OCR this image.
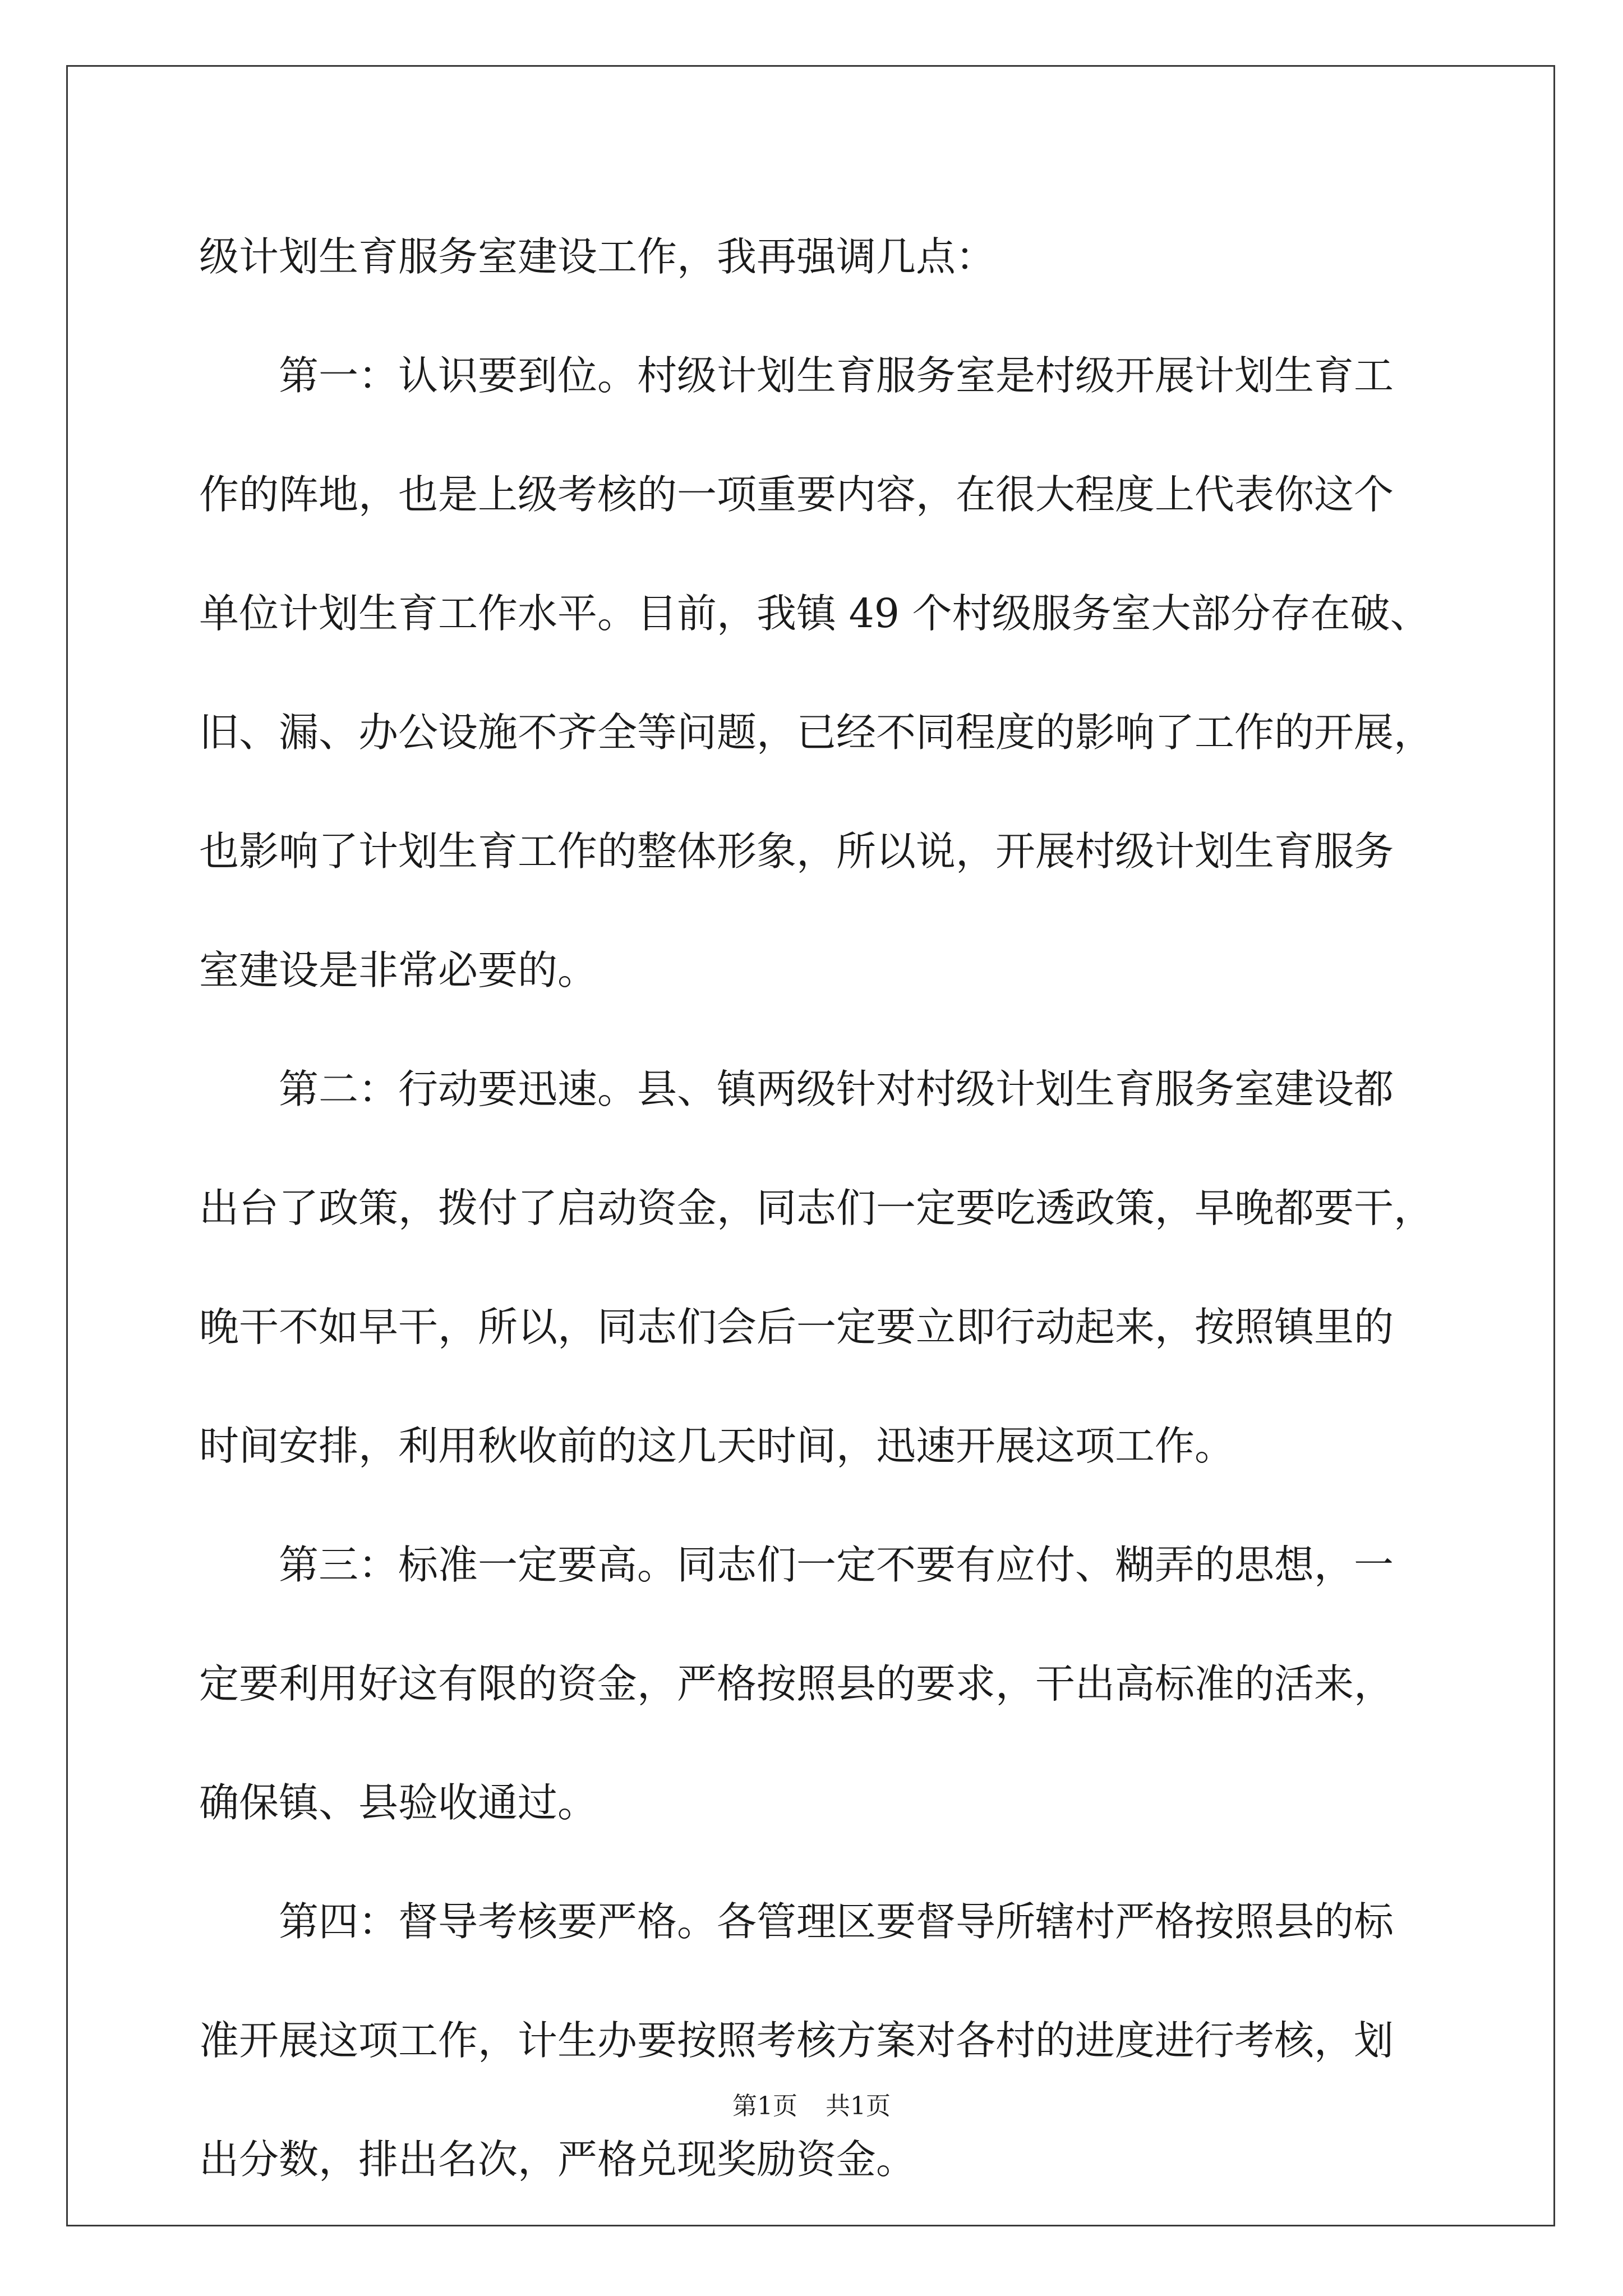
级计划生育服务室建设工作，我再强调几点：
第一：认识要到位。村级计划生育服务室是村级开展计划生育工
作的阵地，也是上级考核的一项重要内容，在很大程度上代表你这个
单位计划生育工作水平。目前，我镇 49 个村级服务室大部分存在破、
旧、漏、办公设施不齐全等问题，已经不同程度的影响了工作的开展，
也影响了计划生育工作的整体形象，所以说，开展村级计划生育服务
室建设是非常必要的。
第二：行动要迅速。县、镇两级针对村级计划生育服务室建设都
出台了政策，拨付了启动资金，同志们一定要吃透政策，早晚都要干，
晚干不如早干，所以，同志们会后一定要立即行动起来，按照镇里的
时间安排，利用秋收前的这几天时间，迅速开展这项工作。
第三：标准一定要高。同志们一定不要有应付、糊弄的思想，一
定要利用好这有限的资金，严格按照县的要求，干出高标准的活来，
确保镇、县验收通过。
第四：督导考核要严格。各管理区要督导所辖村严格按照县的标
准开展这项工作，计生办要按照考核方案对各村的进度进行考核，划
出分数，排出名次，严格兑现奖励资金。
第1页 共1页
